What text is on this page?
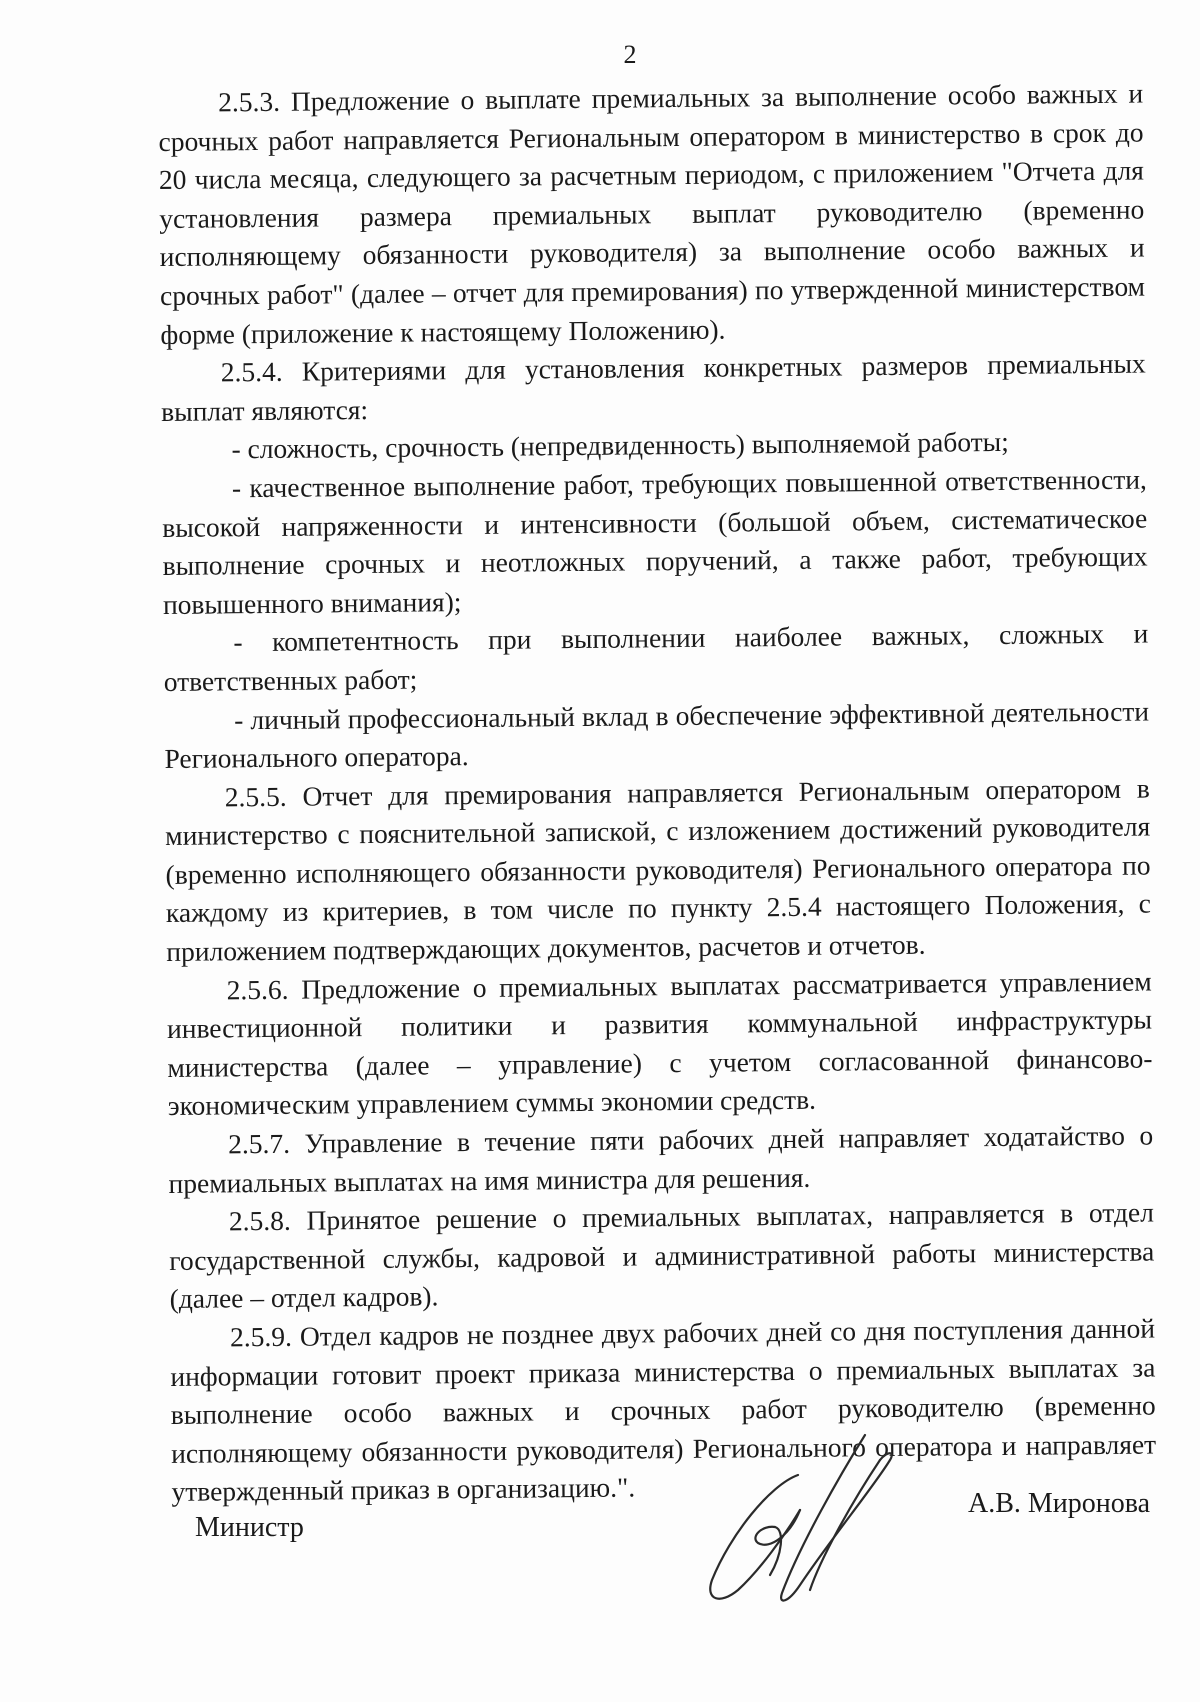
2

2.5.3. Предложение о выплате премиальных за выполнение особо важных и срочных работ направляется Региональным оператором в министерство в срок до 20 числа месяца, следующего за расчетным периодом, с приложением "Отчета для установления размера премиальных выплат руководителю (временно исполняющему обязанности руководителя) за выполнение особо важных и срочных работ" (далее – отчет для премирования) по утвержденной министерством форме (приложение к настоящему Положению).

2.5.4. Критериями для установления конкретных размеров премиальных выплат являются:

- сложность, срочность (непредвиденность) выполняемой работы;

- качественное выполнение работ, требующих повышенной ответственности, высокой напряженности и интенсивности (большой объем, систематическое выполнение срочных и неотложных поручений, а также работ, требующих повышенного внимания);

- компетентность при выполнении наиболее важных, сложных и ответственных работ;

- личный профессиональный вклад в обеспечение эффективной деятельности Регионального оператора.

2.5.5. Отчет для премирования направляется Региональным оператором в министерство с пояснительной запиской, с изложением достижений руководителя (временно исполняющего обязанности руководителя) Регионального оператора по каждому из критериев, в том числе по пункту 2.5.4 настоящего Положения, с приложением подтверждающих документов, расчетов и отчетов.

2.5.6. Предложение о премиальных выплатах рассматривается управлением инвестиционной политики и развития коммунальной инфраструктуры министерства (далее – управление) с учетом согласованной финансово-экономическим управлением суммы экономии средств.

2.5.7. Управление в течение пяти рабочих дней направляет ходатайство о премиальных выплатах на имя министра для решения.

2.5.8. Принятое решение о премиальных выплатах, направляется в отдел государственной службы, кадровой и административной работы министерства (далее – отдел кадров).

2.5.9. Отдел кадров не позднее двух рабочих дней со дня поступления данной информации готовит проект приказа министерства о премиальных выплатах за выполнение особо важных и срочных работ руководителю (временно исполняющему обязанности руководителя) Регионального оператора и направляет утвержденный приказ в организацию.".

Министр
А.В. Миронова
